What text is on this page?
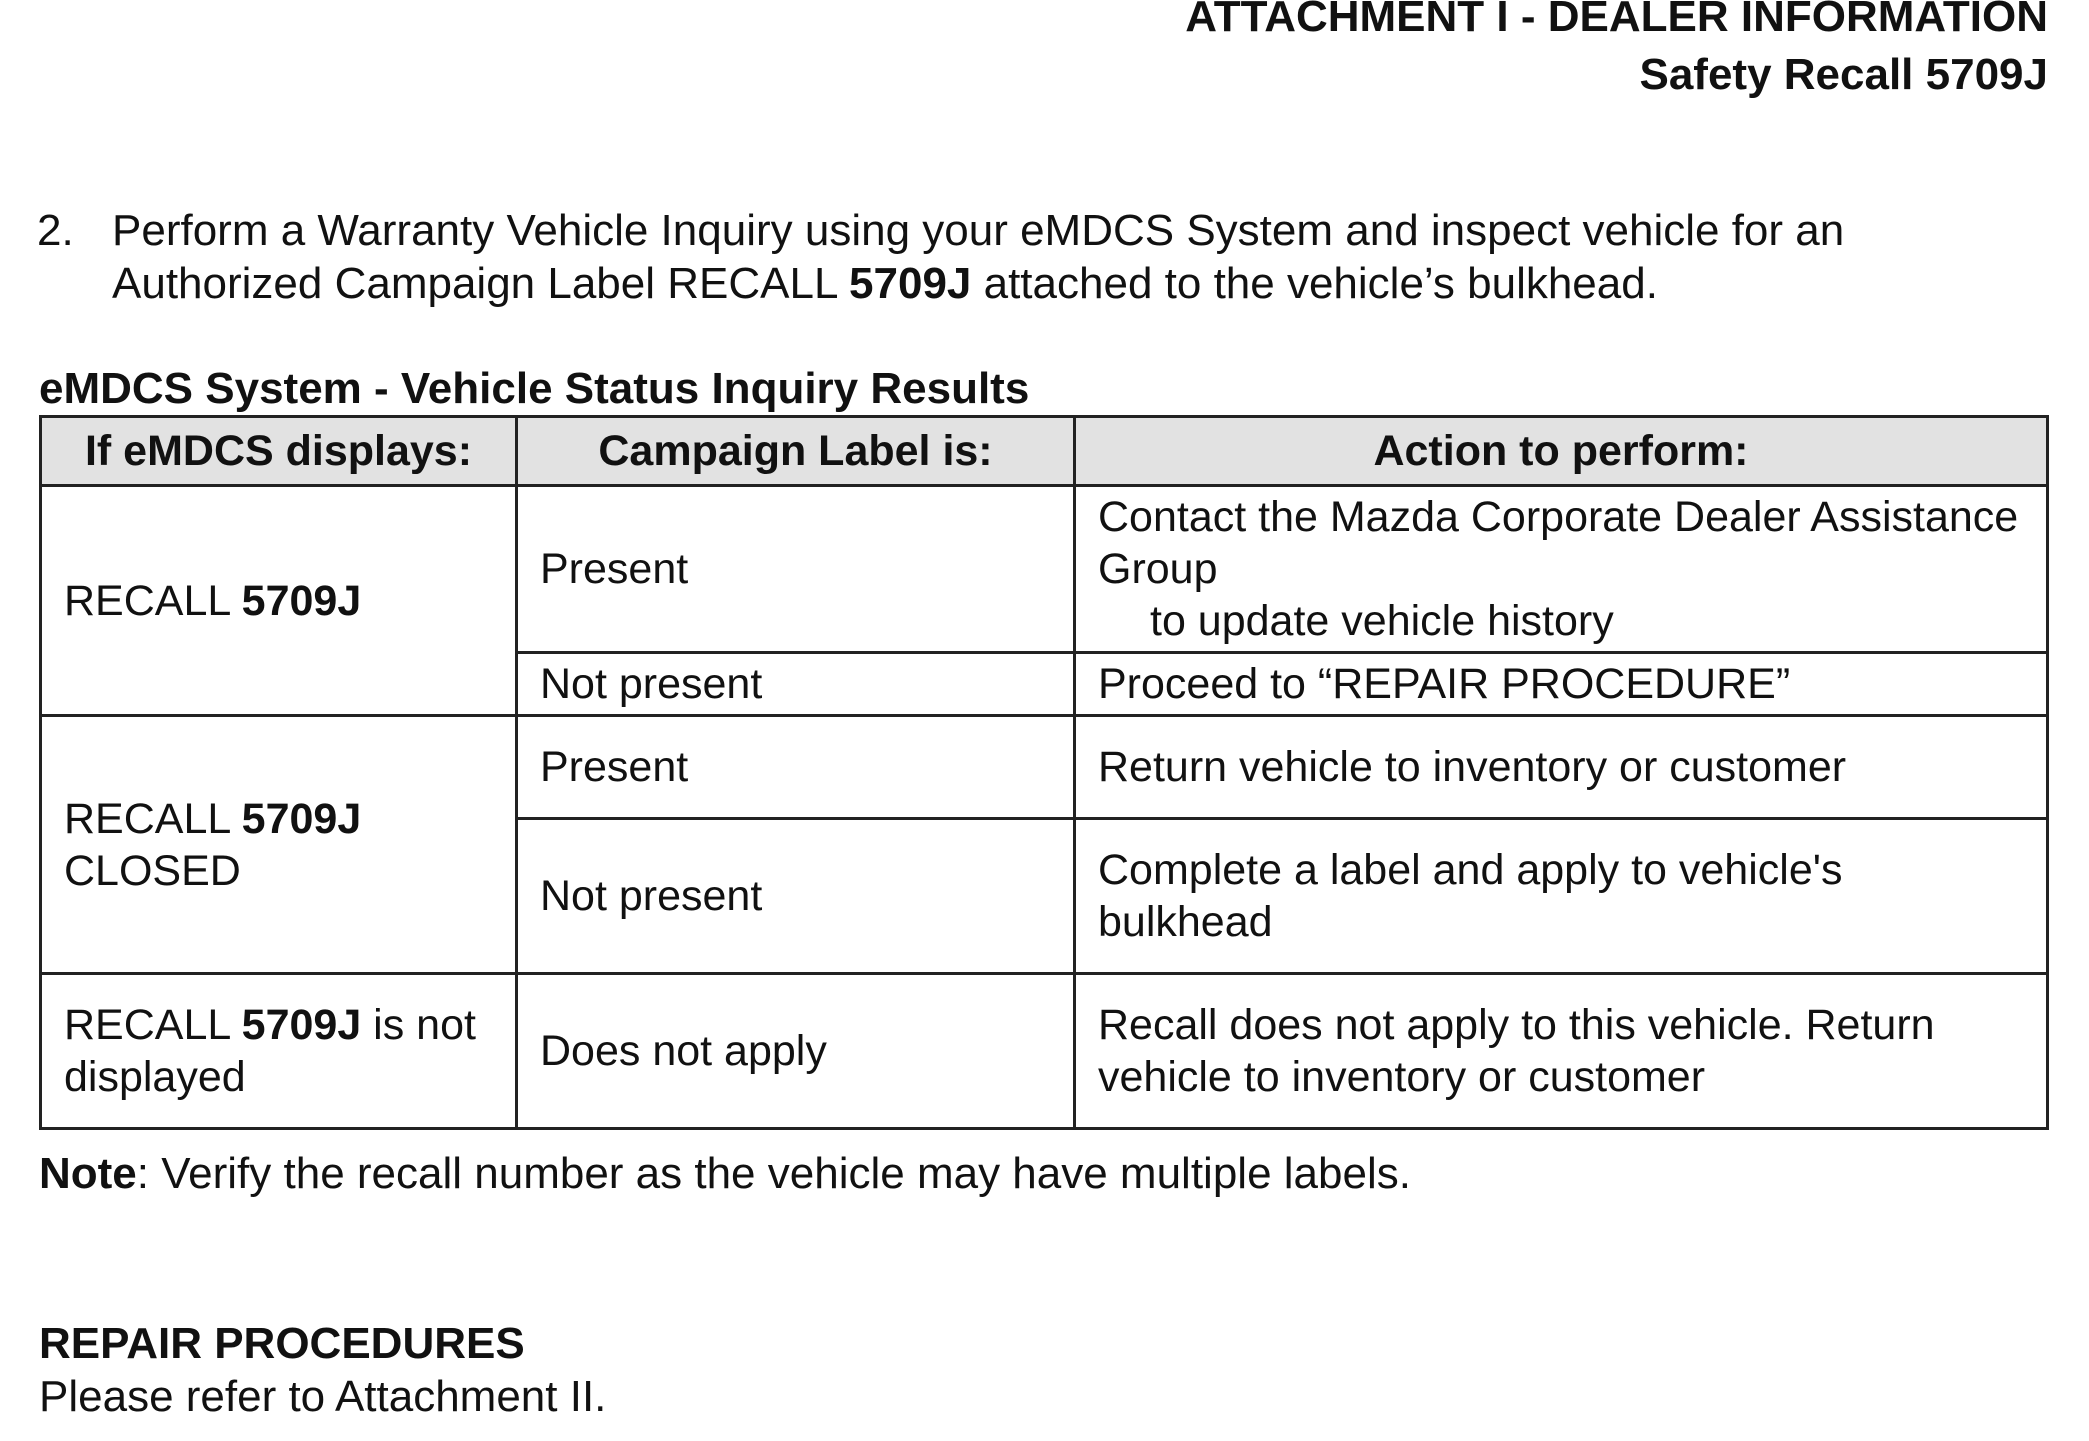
ATTACHMENT I - DEALER INFORMATION
Safety Recall 5709J
2. Perform a Warranty Vehicle Inquiry using your eMDCS System and inspect vehicle for an Authorized Campaign Label RECALL 5709J attached to the vehicle’s bulkhead.
eMDCS System - Vehicle Status Inquiry Results
If eMDCS displays:	Campaign Label is:	Action to perform:
RECALL 5709J	Present	Contact the Mazda Corporate Dealer Assistance Group
to update vehicle history

	Not present	Proceed to “REPAIR PROCEDURE”
RECALL 5709J
CLOSED	Present	Return vehicle to inventory or customer
	Not present	Complete a label and apply to vehicle's bulkhead
RECALL 5709J is not displayed	Does not apply	Recall does not apply to this vehicle. Return vehicle to inventory or customer
Note: Verify the recall number as the vehicle may have multiple labels.
REPAIR PROCEDURES
Please refer to Attachment II.
